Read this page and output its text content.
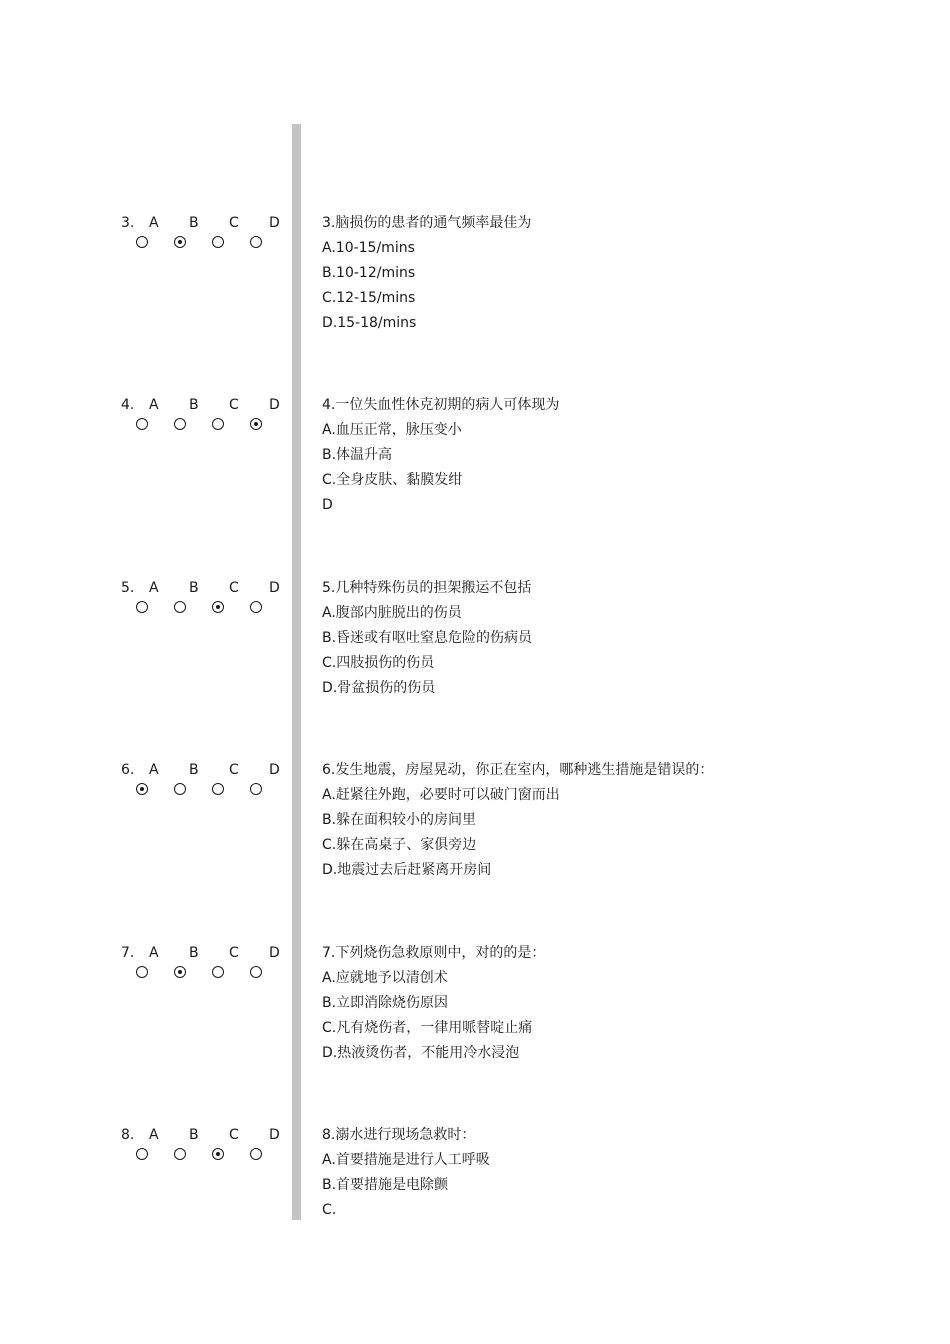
3.	A	B	C	D	3.脑损伤的患者的通气频率最佳为
A.10-15/mins
B.10-12/mins
C.12-15/mins
D.15-18/mins
4.	A	B	C	D	4.一位失血性休克初期的病人可体现为
A.血压正常，脉压变小
B.体温升高
C.全身皮肤、黏膜发绀
D
5.	A	B	C	D	5.几种特殊伤员的担架搬运不包括
A.腹部内脏脱出的伤员
B.昏迷或有呕吐窒息危险的伤病员
C.四肢损伤的伤员
D.骨盆损伤的伤员
6.	A	B	C	D	6.发生地震，房屋晃动，你正在室内，哪种逃生措施是错误的：
A.赶紧往外跑，必要时可以破门窗而出
B.躲在面积较小的房间里
C.躲在高桌子、家俱旁边
D.地震过去后赶紧离开房间
7.	A	B	C	D	7.下列烧伤急救原则中，对的的是：
A.应就地予以清创术
B.立即消除烧伤原因
C.凡有烧伤者，一律用哌替啶止痛
D.热液烫伤者，不能用冷水浸泡
8.	A	B	C	D	8.溺水进行现场急救时：
A.首要措施是进行人工呼吸
B.首要措施是电除颤
C.
